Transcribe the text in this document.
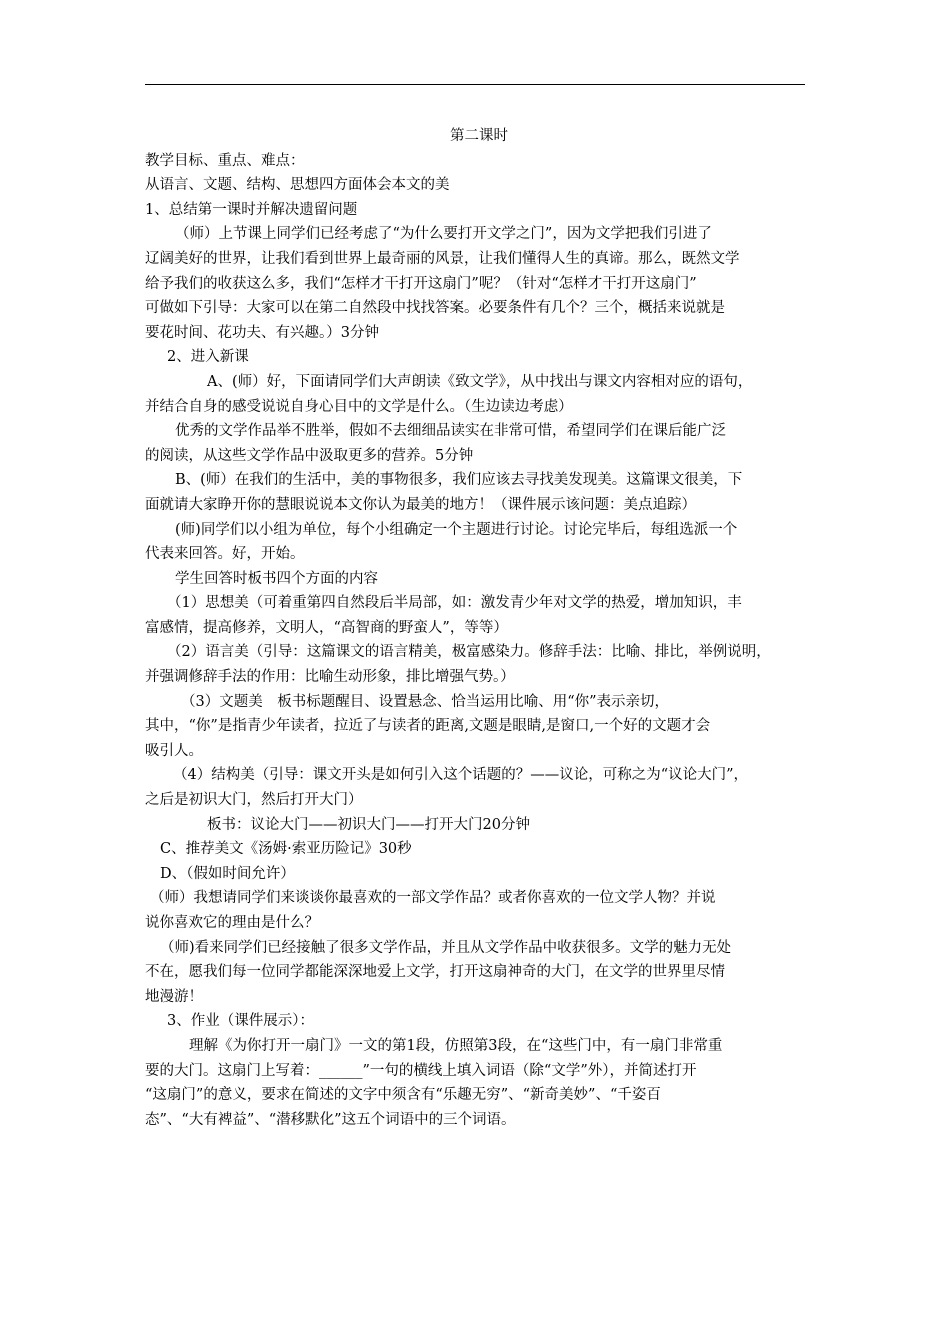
第二课时

教学目标、重点、难点：

从语言、文题、结构、思想四方面体会本文的美

1、总结第一课时并解决遗留问题

（师）上节课上同学们已经考虑了“为什么要打开文学之门”，因为文学把我们引进了

辽阔美好的世界，让我们看到世界上最奇丽的风景，让我们懂得人生的真谛。那么，既然文学

给予我们的收获这么多，我们“怎样才干打开这扇门”呢？（针对“怎样才干打开这扇门”

可做如下引导：大家可以在第二自然段中找找答案。必要条件有几个？三个，概括来说就是

要花时间、花功夫、有兴趣。）3分钟

2、进入新课

A、(师）好，下面请同学们大声朗读《致文学》，从中找出与课文内容相对应的语句，

并结合自身的感受说说自身心目中的文学是什么。（生边读边考虑）

优秀的文学作品举不胜举，假如不去细细品读实在非常可惜，希望同学们在课后能广泛

的阅读，从这些文学作品中汲取更多的营养。5分钟

B、(师）在我们的生活中，美的事物很多，我们应该去寻找美发现美。这篇课文很美，下

面就请大家睁开你的慧眼说说本文你认为最美的地方！（课件展示该问题：美点追踪）

(师)同学们以小组为单位，每个小组确定一个主题进行讨论。讨论完毕后，每组选派一个

代表来回答。好，开始。

学生回答时板书四个方面的内容

（1）思想美（可着重第四自然段后半局部，如：激发青少年对文学的热爱，增加知识，丰

富感情，提高修养，文明人，“高智商的野蛮人”，等等）

（2）语言美（引导：这篇课文的语言精美，极富感染力。修辞手法：比喻、排比，举例说明，

并强调修辞手法的作用：比喻生动形象，排比增强气势。）

（3）文题美　板书标题醒目、设置悬念、恰当运用比喻、用“你”表示亲切，

其中，“你”是指青少年读者，拉近了与读者的距离,文题是眼睛,是窗口,一个好的文题才会

吸引人。

（4）结构美（引导：课文开头是如何引入这个话题的？——议论，可称之为“议论大门”，

之后是初识大门，然后打开大门）

板书：议论大门——初识大门——打开大门20分钟

C、推荐美文《汤姆·索亚历险记》30秒

D、（假如时间允许）

（师）我想请同学们来谈谈你最喜欢的一部文学作品？或者你喜欢的一位文学人物？并说

说你喜欢它的理由是什么？

（师)看来同学们已经接触了很多文学作品，并且从文学作品中收获很多。文学的魅力无处

不在，愿我们每一位同学都能深深地爱上文学，打开这扇神奇的大门，在文学的世界里尽情

地漫游！

3、作业（课件展示）：

理解《为你打开一扇门》一文的第1段，仿照第3段，在“这些门中，有一扇门非常重

要的大门。这扇门上写着：______”一句的横线上填入词语（除“文学”外），并简述打开

“这扇门”的意义，要求在简述的文字中须含有“乐趣无穷”、“新奇美妙”、“千姿百

态”、“大有裨益”、“潜移默化”这五个词语中的三个词语。
